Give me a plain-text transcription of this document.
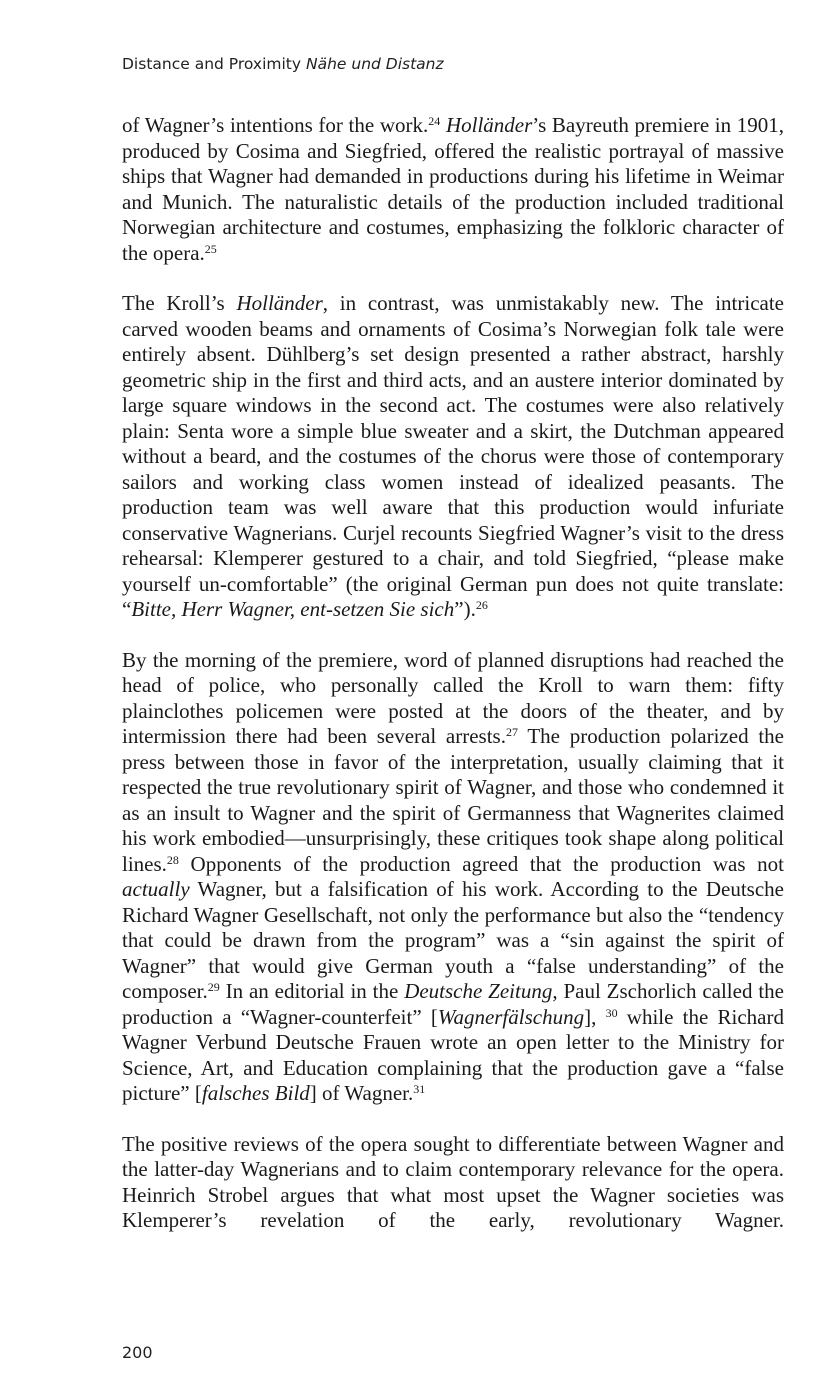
Distance and Proximity Nähe und Distanz

of Wagner’s intentions for the work.$^{24}$ Holländer’s Bayreuth premiere in 1901, produced by Cosima and Siegfried, offered the realistic portrayal of massive ships that Wagner had demanded in productions during his lifetime in Weimar and Munich. The naturalistic details of the production included traditional Norwegian architecture and costumes, emphasizing the folkloric character of the opera.$^{25}$

The Kroll’s Holländer, in contrast, was unmistakably new. The intricate carved wooden beams and ornaments of Cosima’s Norwegian folk tale were entirely absent. Dühlberg’s set design presented a rather abstract, harshly geometric ship in the first and third acts, and an austere interior dominated by large square windows in the second act. The costumes were also relatively plain: Senta wore a simple blue sweater and a skirt, the Dutchman appeared without a beard, and the costumes of the chorus were those of contemporary sailors and working class women instead of idealized peasants. The production team was well aware that this production would infuriate conservative Wagnerians. Curjel recounts Siegfried Wagner’s visit to the dress rehearsal: Klemperer gestured to a chair, and told Siegfried, “please make yourself un-comfortable” (the original German pun does not quite translate: “Bitte, Herr Wagner, ent-setzen Sie sich”).$^{26}$

By the morning of the premiere, word of planned disruptions had reached the head of police, who personally called the Kroll to warn them: fifty plainclothes policemen were posted at the doors of the theater, and by intermission there had been several arrests.$^{27}$ The production polarized the press between those in favor of the interpretation, usually claiming that it respected the true revolutionary spirit of Wagner, and those who condemned it as an insult to Wagner and the spirit of Germanness that Wagnerites claimed his work embodied—unsurprisingly, these critiques took shape along political lines.$^{28}$ Opponents of the production agreed that the production was not actually Wagner, but a falsification of his work. According to the Deutsche Richard Wagner Gesellschaft, not only the performance but also the “tendency that could be drawn from the program” was a “sin against the spirit of Wagner” that would give German youth a “false understanding” of the composer.$^{29}$ In an editorial in the Deutsche Zeitung, Paul Zschorlich called the production a “Wagner-counterfeit” [Wagnerfälschung], $^{30}$ while the Richard Wagner Verbund Deutsche Frauen wrote an open letter to the Ministry for Science, Art, and Education complaining that the production gave a “false picture” [falsches Bild] of Wagner.$^{31}$

The positive reviews of the opera sought to differentiate between Wagner and the latter-day Wagnerians and to claim contemporary relevance for the opera. Heinrich Strobel argues that what most upset the Wagner societies was Klemperer’s revelation of the early, revolutionary Wagner.

200
